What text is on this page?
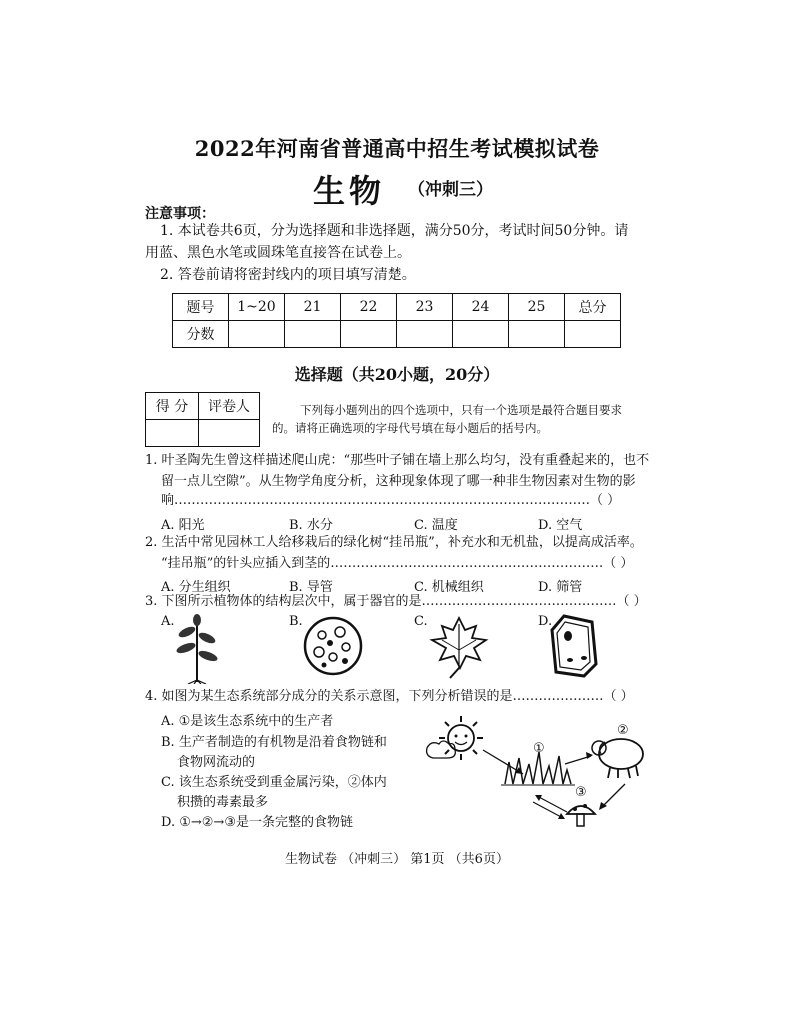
2022年河南省普通高中招生考试模拟试卷
生物 （冲刺三）
注意事项：
1. 本试卷共6页，分为选择题和非选择题，满分50分，考试时间50分钟。请
用蓝、黑色水笔或圆珠笔直接答在试卷上。
2. 答卷前请将密封线内的项目填写清楚。
题号	1~20	21	22	23	24	25	总分
分数							
选择题（共20小题，20分）
得 分	评卷人
		下列每小题列出的四个选项中，只有一个选项是最符合题目要求
的。请将正确选项的字母代号填在每小题后的括号内。
1. 叶圣陶先生曾这样描述爬山虎：“那些叶子铺在墙上那么均匀，没有重叠起来的，也不
留一点儿空隙”。从生物学角度分析，这种现象体现了哪一种非生物因素对生物的影
响……………………………………………………………………………………（ ）
A. 阳光	B. 水分	C. 温度	D. 空气
2. 生活中常见园林工人给移栽后的绿化树“挂吊瓶”，补充水和无机盐，以提高成活率。
“挂吊瓶”的针头应插入到茎的………………………………………………………（ ）
A. 分生组织	B. 导管	C. 机械组织	D. 筛管
3. 下图所示植物体的结构层次中，属于器官的是………………………………………（ ）
A.	B.	C.	D.
4. 如图为某生态系统部分成分的关系示意图，下列分析错误的是…………………（ ）
A. ①是该生态系统中的生产者
B. 生产者制造的有机物是沿着食物链和
食物网流动的
C. 该生态系统受到重金属污染，②体内
积攒的毒素最多
D. ①→②→③是一条完整的食物链
①
②
③
生物试卷 （冲刺三） 第1页 （共6页）
